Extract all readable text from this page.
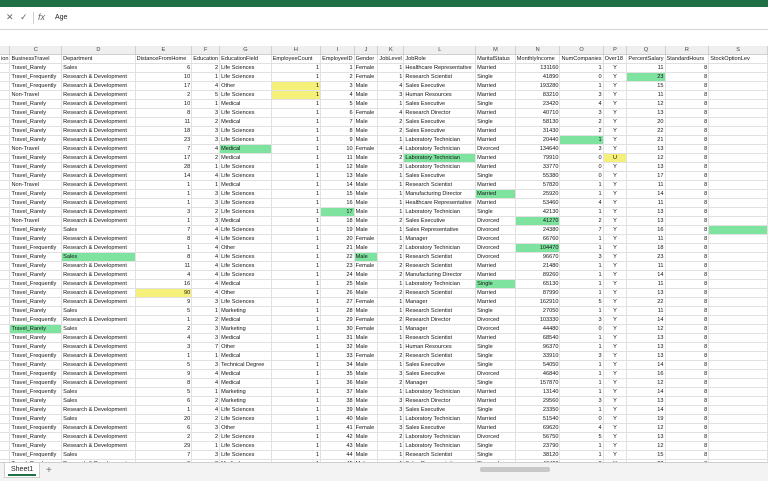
✕ ✓ fx Age
	C	D	E	F	G	H	I	J	K	L	M	N	O	P	Q	R	S
ion	BusinessTravel	Department	DistanceFromHome	Education	EducationField	EmployeeCount	EmployeeID	Gender	JobLevel	JobRole	MaritalStatus	MonthlyIncome	NumCompanies	Over18	PercentSalary	StandardHours	StockOptionLev
	Travel_Rarely	Sales	6	2	Life Sciences	1	1	Female	1	Healthcare Representative	Married	131160	1	Y	11	8	
	Travel_Frequently	Research & Development	10	1	Life Sciences	1	2	Female	1	Research Scientist	Single	41890	0	Y	23	8	
	Travel_Frequently	Research & Development	17	4	Other	1	3	Male	4	Sales Executive	Married	193280	1	Y	15	8	
	Non-Travel	Research & Development	2	5	Life Sciences	1	4	Male	3	Human Resources	Married	83210	3	Y	11	8	
	Travel_Rarely	Research & Development	10	1	Medical	1	5	Male	1	Sales Executive	Single	23420	4	Y	12	8	
	Travel_Rarely	Research & Development	8	3	Life Sciences	1	6	Female	4	Research Director	Married	40710	3	Y	13	8	
	Travel_Rarely	Research & Development	11	2	Medical	1	7	Male	2	Sales Executive	Single	58130	2	Y	20	8	
	Travel_Rarely	Research & Development	18	3	Life Sciences	1	8	Male	2	Sales Executive	Married	31430	2	Y	22	8	
	Travel_Rarely	Research & Development	23	3	Life Sciences	1	9	Male	1	Laboratory Technician	Married	20440	1	Y	21	8	
	Non-Travel	Research & Development	7	4	Medical	1	10	Female	4	Laboratory Technician	Divorced	134640	3	Y	13	8	
	Travel_Rarely	Research & Development	17	2	Medical	1	11	Male	2	Laboratory Technician	Married	79910	0	U	12	8	
	Travel_Rarely	Research & Development	28	1	Life Sciences	1	12	Male	3	Laboratory Technician	Married	33770	0	Y	13	8	
	Travel_Rarely	Research & Development	14	4	Life Sciences	1	13	Male	1	Sales Executive	Single	55380	0	Y	17	8	
	Non-Travel	Research & Development	1	1	Medical	1	14	Male	1	Research Scientist	Married	57820	1	Y	11	8	
	Travel_Rarely	Research & Development	1	3	Life Sciences	1	15	Male	1	Manufacturing Director	Married	25920	1	Y	14	8	
	Travel_Rarely	Research & Development	1	3	Life Sciences	1	16	Male	1	Healthcare Representative	Married	53460	4	Y	11	8	
	Travel_Rarely	Research & Development	3	2	Life Sciences	1	17	Male	1	Laboratory Technician	Single	42130	1	Y	13	8	
	Non-Travel	Research & Development	1	3	Medical	1	18	Male	2	Sales Executive	Divorced	41270	2	Y	13	8	
	Travel_Rarely	Sales	7	4	Life Sciences	1	19	Male	1	Sales Representative	Divorced	24380	7	Y	16	8	
	Travel_Rarely	Research & Development	8	4	Life Sciences	1	20	Female	1	Manager	Divorced	66760	1	Y	11	8	
	Travel_Frequently	Research & Development	1	4	Other	1	21	Male	2	Laboratory Technician	Divorced	104470	1	Y	18	8	
	Travel_Rarely	Sales	8	4	Life Sciences	1	22	Male	1	Research Scientist	Divorced	96670	3	Y	23	8	
	Travel_Rarely	Research & Development	11	4	Life Sciences	1	23	Female	2	Research Scientist	Married	21480	1	Y	11	8	
	Travel_Rarely	Research & Development	4	4	Life Sciences	1	24	Male	2	Manufacturing Director	Married	89260	1	Y	14	8	
	Travel_Frequently	Research & Development	16	4	Medical	1	25	Male	1	Laboratory Technician	Single	65130	1	Y	11	8	
	Travel_Rarely	Research & Development	90	4	Other	1	26	Male	2	Research Scientist	Married	87990	1	Y	13	8	
	Travel_Rarely	Research & Development	9	3	Life Sciences	1	27	Female	1	Manager	Married	162910	5	Y	22	8	
	Travel_Rarely	Sales	5	1	Marketing	1	28	Male	1	Research Scientist	Single	27050	1	Y	11	8	
	Travel_Frequently	Research & Development	1	2	Medical	1	29	Female	2	Research Director	Divorced	103330	3	Y	14	8	
	Travel_Rarely	Sales	2	3	Marketing	1	30	Female	1	Manager	Divorced	44480	0	Y	12	8	
	Travel_Rarely	Research & Development	4	3	Medical	1	31	Male	1	Research Scientist	Married	68540	1	Y	13	8	
	Travel_Rarely	Research & Development	3	7	Other	1	32	Male	1	Human Resources	Single	96370	1	Y	13	8	
	Travel_Frequently	Research & Development	1	1	Medical	1	33	Female	2	Research Scientist	Single	33910	3	Y	13	8	
	Travel_Rarely	Research & Development	5	3	Technical Degree	1	34	Male	1	Sales Executive	Single	54050	1	Y	14	8	
	Travel_Frequently	Research & Development	9	4	Medical	1	35	Male	3	Sales Executive	Divorced	46840	1	Y	16	8	
	Travel_Frequently	Research & Development	8	4	Medical	1	36	Male	2	Manager	Single	157870	1	Y	12	8	
	Travel_Frequently	Sales	5	1	Marketing	1	37	Male	1	Laboratory Technician	Married	13140	1	Y	14	8	
	Travel_Rarely	Sales	6	2	Marketing	1	38	Male	3	Research Director	Married	29560	3	Y	13	8	
	Travel_Rarely	Research & Development	1	4	Life Sciences	1	39	Male	3	Sales Executive	Single	23350	1	Y	14	8	
	Travel_Rarely	Sales	20	2	Life Sciences	1	40	Male	1	Laboratory Technician	Married	51540	0	Y	19	8	
	Travel_Frequently	Research & Development	6	3	Other	1	41	Female	3	Sales Executive	Married	69620	4	Y	12	8	
	Travel_Rarely	Research & Development	2	2	Life Sciences	1	42	Male	2	Laboratory Technician	Divorced	56750	5	Y	13	8	
	Travel_Rarely	Research & Development	29	1	Life Sciences	1	43	Male	1	Laboratory Technician	Single	23790	1	Y	12	8	
	Travel_Frequently	Sales	7	3	Life Sciences	1	44	Male	1	Research Scientist	Single	38120	1	Y	15	8	

Sheet1	+
